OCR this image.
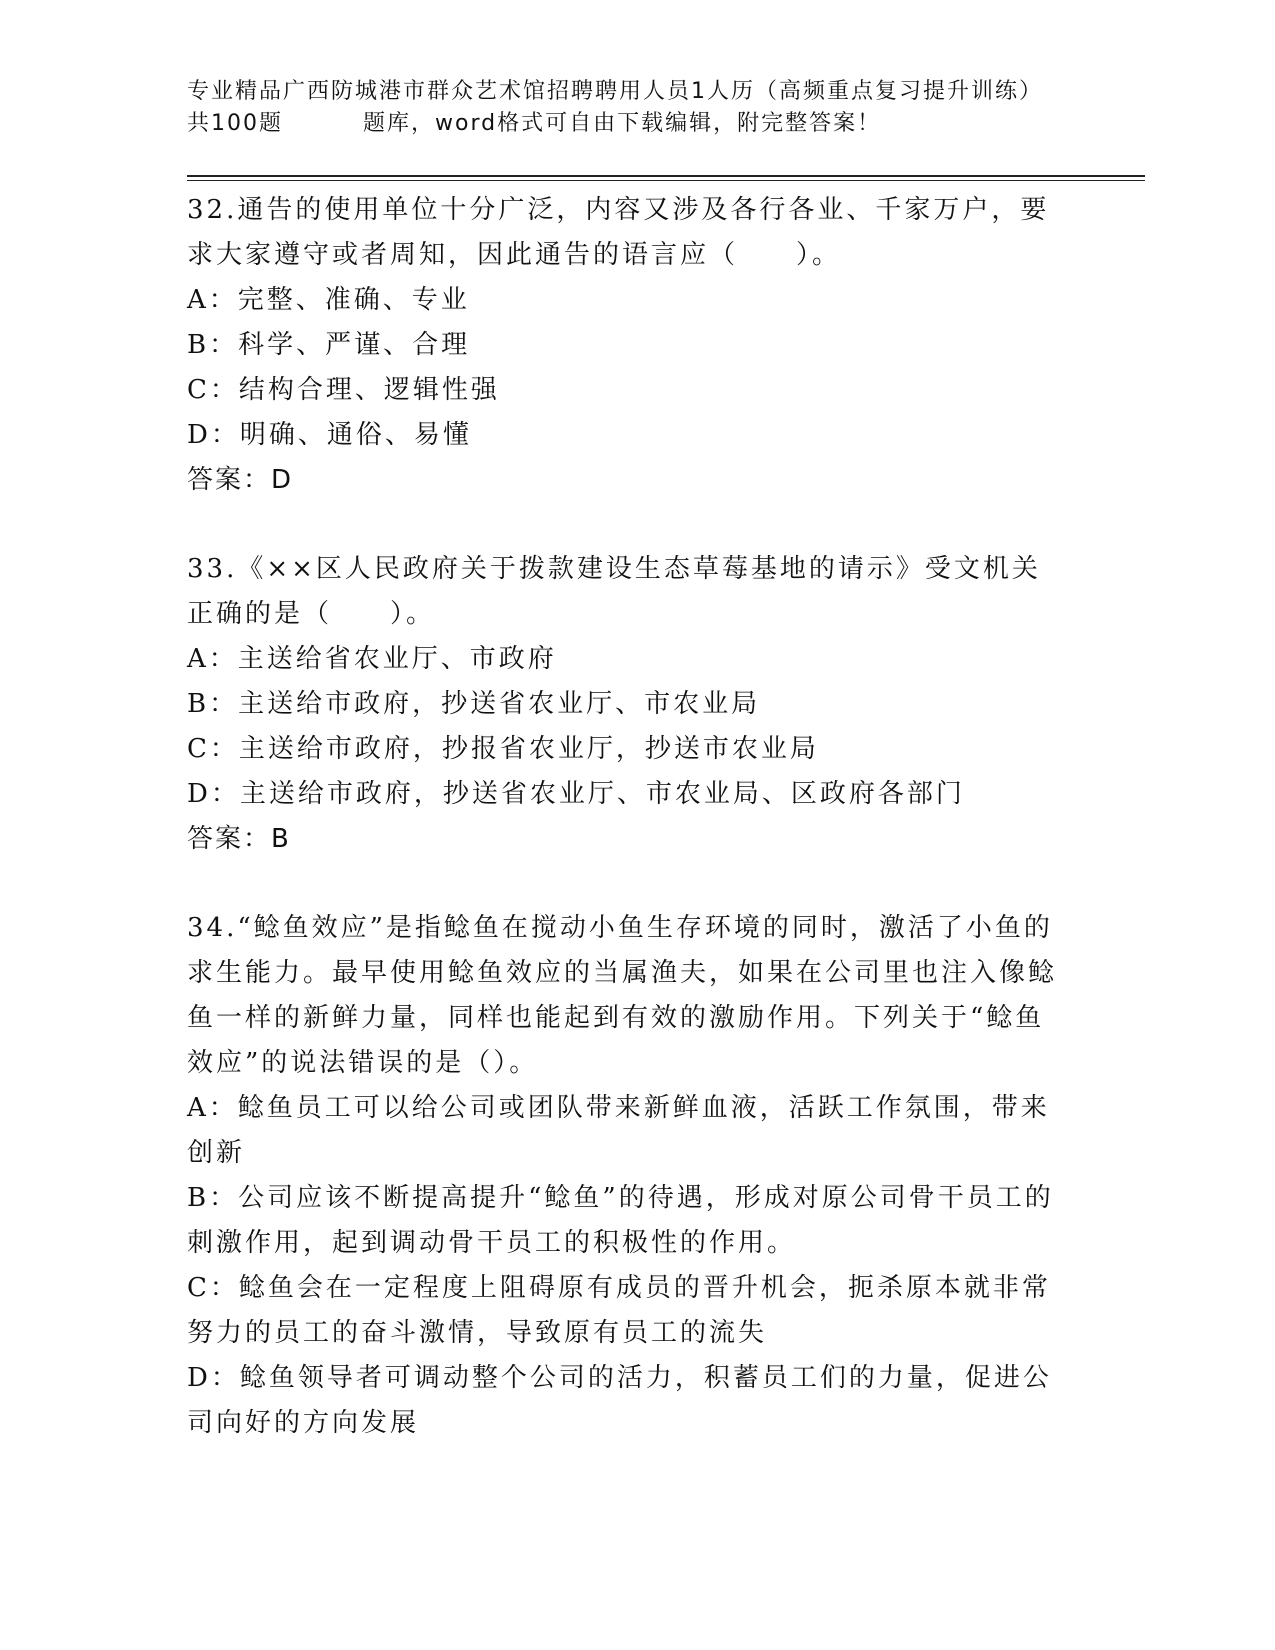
专业精品广西防城港市群众艺术馆招聘聘用人员1人历（高频重点复习提升训练）
共100题	题库，word格式可自由下载编辑，附完整答案！
32.通告的使用单位十分广泛，内容又涉及各行各业、千家万户，要求大家遵守或者周知，因此通告的语言应（　　）。
A：完整、准确、专业
B：科学、严谨、合理
C：结构合理、逻辑性强
D：明确、通俗、易懂
答案：D
33.《××区人民政府关于拨款建设生态草莓基地的请示》受文机关正确的是（　　）。
A：主送给省农业厅、市政府
B：主送给市政府，抄送省农业厅、市农业局
C：主送给市政府，抄报省农业厅，抄送市农业局
D：主送给市政府，抄送省农业厅、市农业局、区政府各部门
答案：B
34.“鲶鱼效应”是指鲶鱼在搅动小鱼生存环境的同时，激活了小鱼的求生能力。最早使用鲶鱼效应的当属渔夫，如果在公司里也注入像鲶鱼一样的新鲜力量，同样也能起到有效的激励作用。下列关于“鲶鱼效应”的说法错误的是（）。
A：鲶鱼员工可以给公司或团队带来新鲜血液，活跃工作氛围，带来创新
B：公司应该不断提高提升“鲶鱼”的待遇，形成对原公司骨干员工的刺激作用，起到调动骨干员工的积极性的作用。
C：鲶鱼会在一定程度上阻碍原有成员的晋升机会，扼杀原本就非常努力的员工的奋斗激情，导致原有员工的流失
D：鲶鱼领导者可调动整个公司的活力，积蓄员工们的力量，促进公司向好的方向发展
